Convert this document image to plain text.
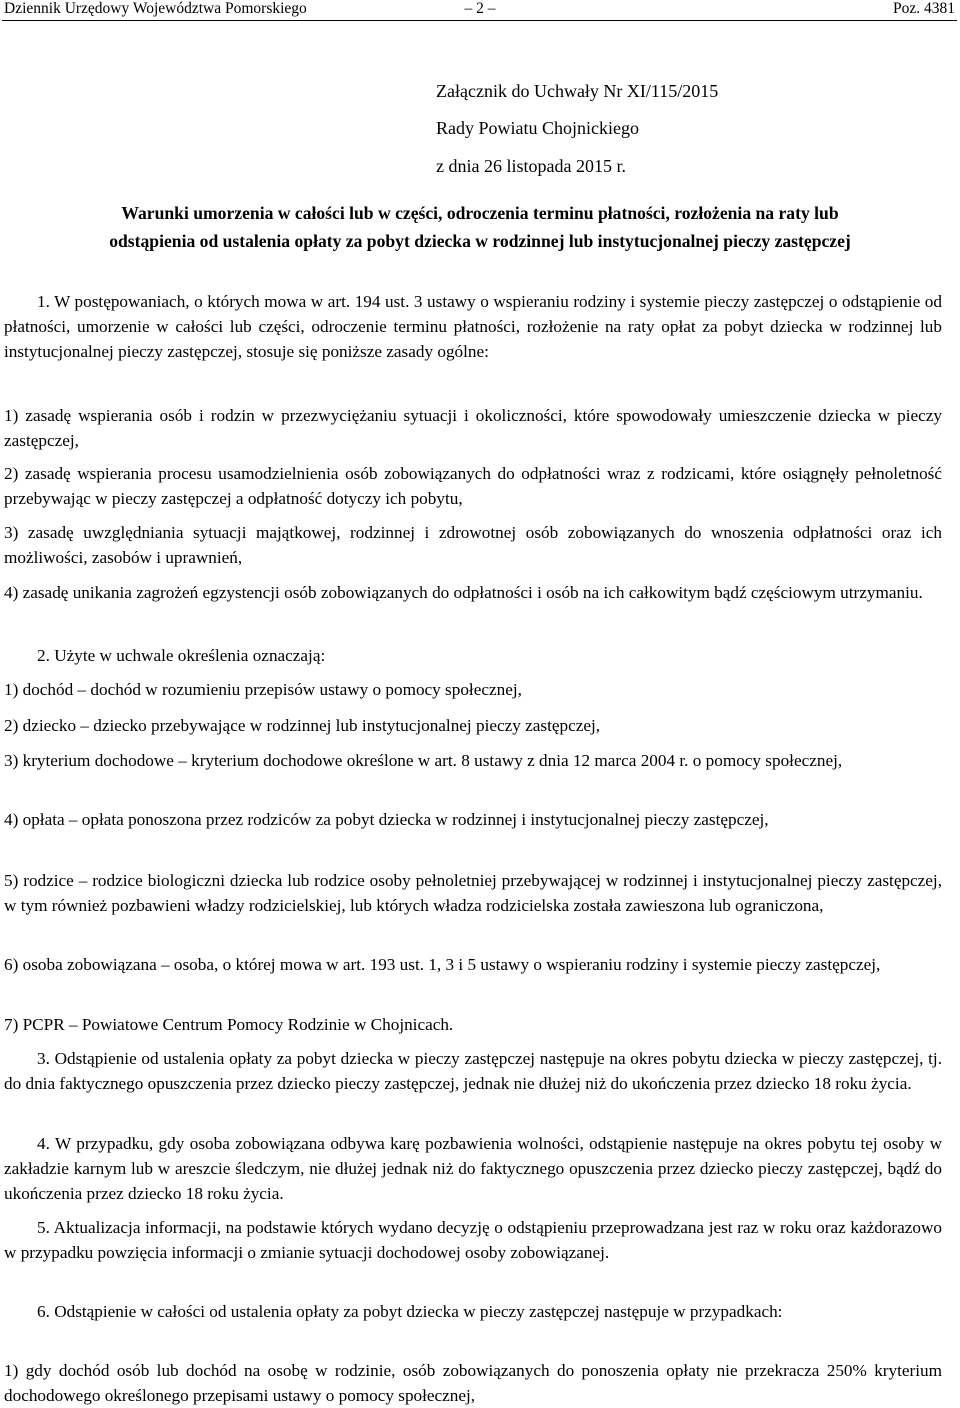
Dziennik Urzędowy Województwa Pomorskiego	– 2 –	Poz. 4381
Załącznik do Uchwały Nr XI/115/2015
Rady Powiatu Chojnickiego
z dnia 26 listopada 2015 r.
Warunki umorzenia w całości lub w części, odroczenia terminu płatności, rozłożenia na raty lub
odstąpienia od ustalenia opłaty za pobyt dziecka w rodzinnej lub instytucjonalnej pieczy zastępczej
1. W postępowaniach, o których mowa w art. 194 ust. 3 ustawy o wspieraniu rodziny i systemie pieczy zastępczej o odstąpienie od płatności, umorzenie w całości lub części, odroczenie terminu płatności, rozłożenie na raty opłat za pobyt dziecka w rodzinnej lub instytucjonalnej pieczy zastępczej, stosuje się poniższe zasady ogólne:
1) zasadę wspierania osób i rodzin w przezwyciężaniu sytuacji i okoliczności, które spowodowały umieszczenie dziecka w pieczy zastępczej,
2) zasadę wspierania procesu usamodzielnienia osób zobowiązanych do odpłatności wraz z rodzicami, które osiągnęły pełnoletność przebywając w pieczy zastępczej a odpłatność dotyczy ich pobytu,
3) zasadę uwzględniania sytuacji majątkowej, rodzinnej i zdrowotnej osób zobowiązanych do wnoszenia odpłatności oraz ich możliwości, zasobów i uprawnień,
4) zasadę unikania zagrożeń egzystencji osób zobowiązanych do odpłatności i osób na ich całkowitym bądź częściowym utrzymaniu.
2. Użyte w uchwale określenia oznaczają:
1) dochód – dochód w rozumieniu przepisów ustawy o pomocy społecznej,
2) dziecko – dziecko przebywające w rodzinnej lub instytucjonalnej pieczy zastępczej,
3) kryterium dochodowe – kryterium dochodowe określone w art. 8 ustawy z dnia 12 marca 2004 r. o pomocy społecznej,
4) opłata – opłata ponoszona przez rodziców za pobyt dziecka w rodzinnej i instytucjonalnej pieczy zastępczej,
5) rodzice – rodzice biologiczni dziecka lub rodzice osoby pełnoletniej przebywającej w rodzinnej i instytucjonalnej pieczy zastępczej, w tym również pozbawieni władzy rodzicielskiej, lub których władza rodzicielska została zawieszona lub ograniczona,
6) osoba zobowiązana – osoba, o której mowa w art. 193 ust. 1, 3 i 5 ustawy o wspieraniu rodziny i systemie pieczy zastępczej,
7) PCPR – Powiatowe Centrum Pomocy Rodzinie w Chojnicach.
3. Odstąpienie od ustalenia opłaty za pobyt dziecka w pieczy zastępczej następuje na okres pobytu dziecka w pieczy zastępczej, tj. do dnia faktycznego opuszczenia przez dziecko pieczy zastępczej, jednak nie dłużej niż do ukończenia przez dziecko 18 roku życia.
4. W przypadku, gdy osoba zobowiązana odbywa karę pozbawienia wolności, odstąpienie następuje na okres pobytu tej osoby w zakładzie karnym lub w areszcie śledczym, nie dłużej jednak niż do faktycznego opuszczenia przez dziecko pieczy zastępczej, bądź do ukończenia przez dziecko 18 roku życia.
5. Aktualizacja informacji, na podstawie których wydano decyzję o odstąpieniu przeprowadzana jest raz w roku oraz każdorazowo w przypadku powzięcia informacji o zmianie sytuacji dochodowej osoby zobowiązanej.
6. Odstąpienie w całości od ustalenia opłaty za pobyt dziecka w pieczy zastępczej następuje w przypadkach:
1) gdy dochód osób lub dochód na osobę w rodzinie, osób zobowiązanych do ponoszenia opłaty nie przekracza 250% kryterium dochodowego określonego przepisami ustawy o pomocy społecznej,
